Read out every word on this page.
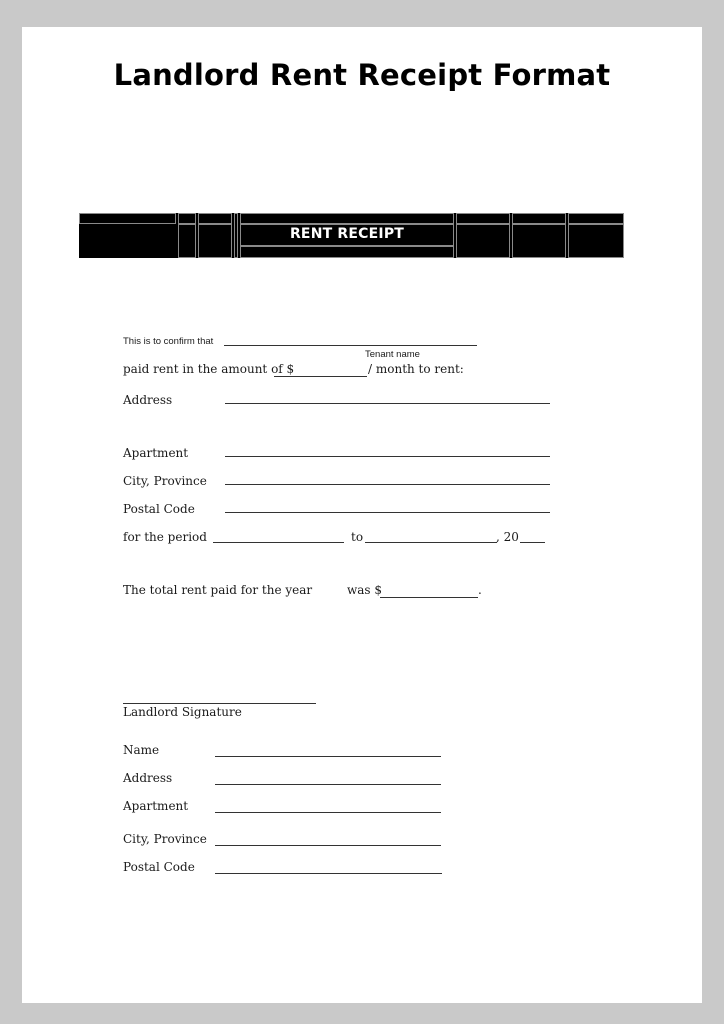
Landlord Rent Receipt Format
RENT RECEIPT
This is to confirm that
Tenant name
paid rent in the amount of $	/ month to rent:
Address
Apartment
City, Province
Postal Code
for the period	to	, 20
The total rent paid for the year	was $	.
Landlord Signature
Name
Address
Apartment
City, Province
Postal Code
